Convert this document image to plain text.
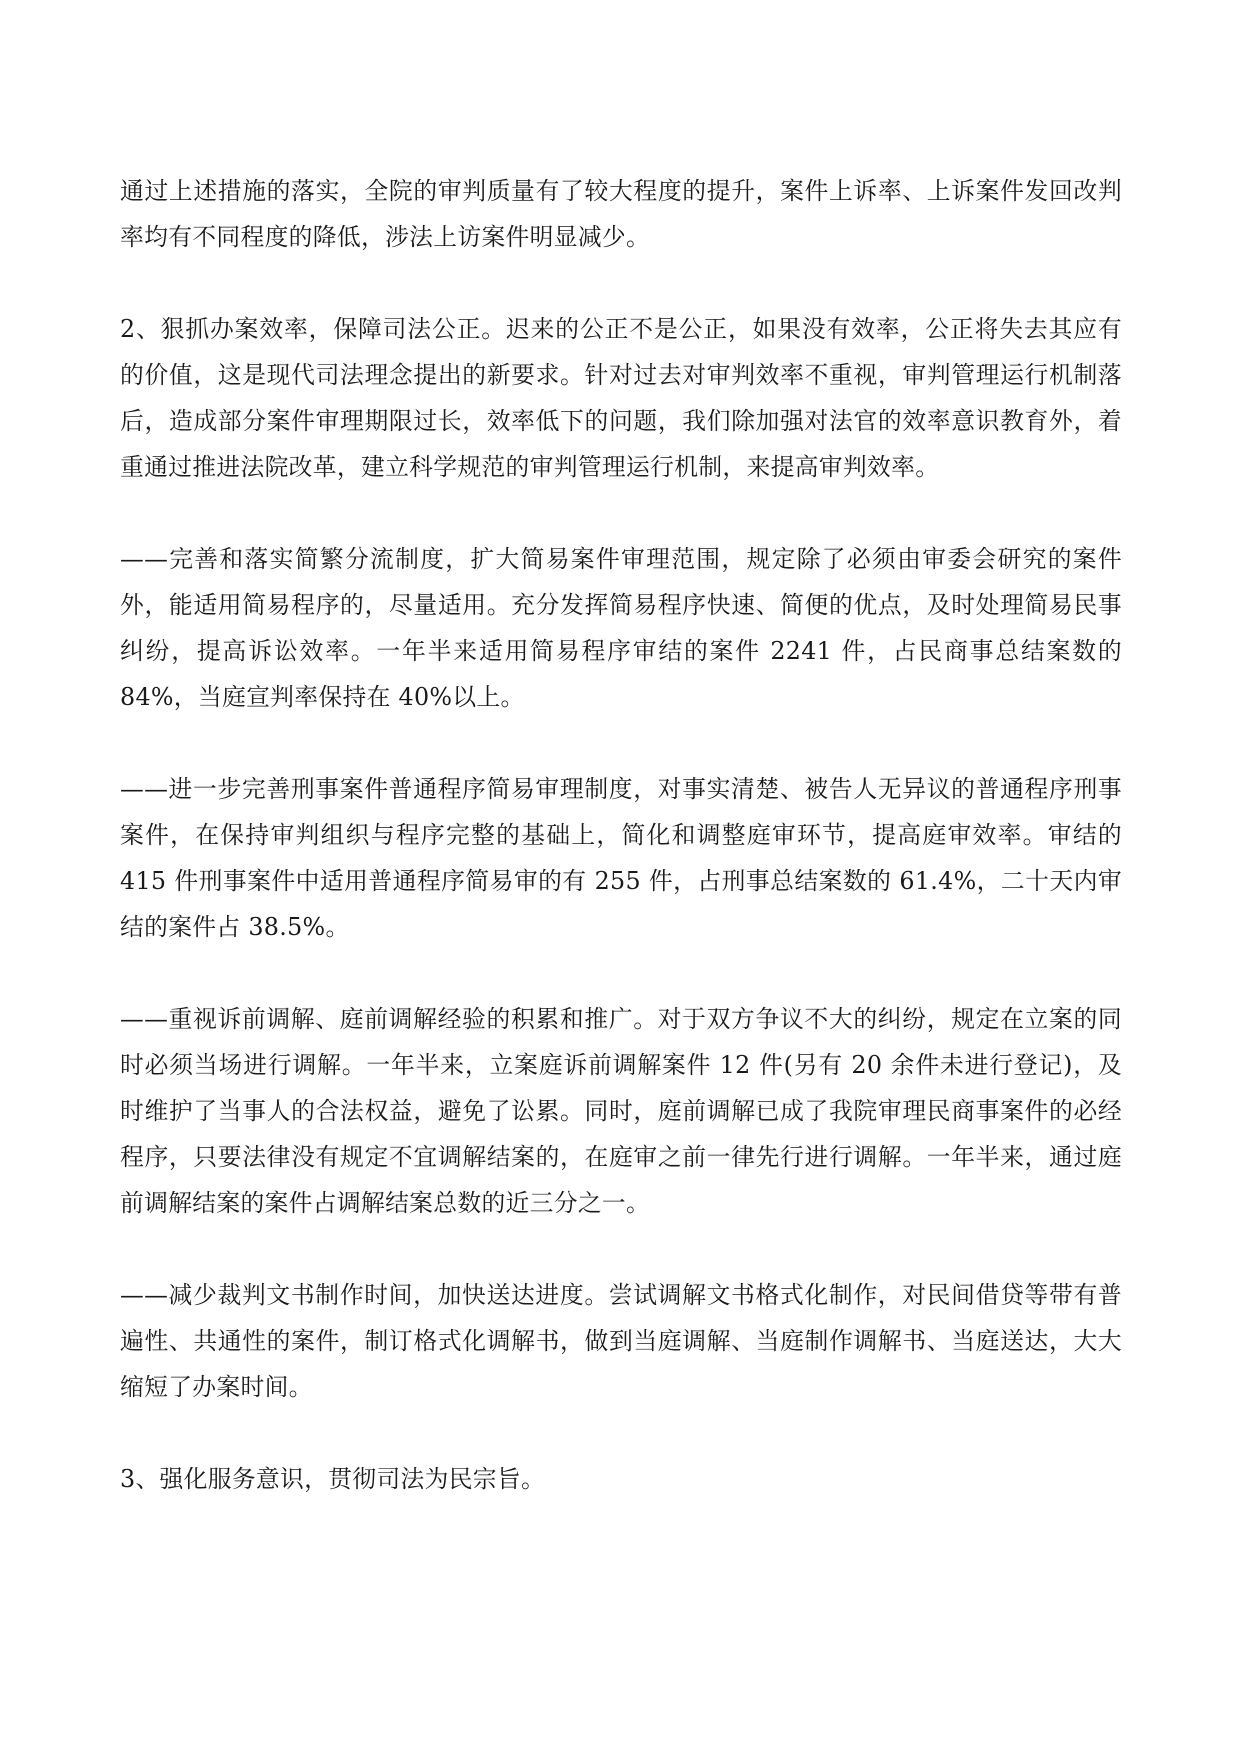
通过上述措施的落实，全院的审判质量有了较大程度的提升，案件上诉率、上诉案件发回改判率均有不同程度的降低，涉法上访案件明显减少。

2、狠抓办案效率，保障司法公正。迟来的公正不是公正，如果没有效率，公正将失去其应有的价值，这是现代司法理念提出的新要求。针对过去对审判效率不重视，审判管理运行机制落后，造成部分案件审理期限过长，效率低下的问题，我们除加强对法官的效率意识教育外，着重通过推进法院改革，建立科学规范的审判管理运行机制，来提高审判效率。

——完善和落实简繁分流制度，扩大简易案件审理范围，规定除了必须由审委会研究的案件外，能适用简易程序的，尽量适用。充分发挥简易程序快速、简便的优点，及时处理简易民事纠纷，提高诉讼效率。一年半来适用简易程序审结的案件 2241 件，占民商事总结案数的84%，当庭宣判率保持在 40%以上。

——进一步完善刑事案件普通程序简易审理制度，对事实清楚、被告人无异议的普通程序刑事案件，在保持审判组织与程序完整的基础上，简化和调整庭审环节，提高庭审效率。审结的 415 件刑事案件中适用普通程序简易审的有 255 件，占刑事总结案数的 61.4%，二十天内审结的案件占 38.5%。

——重视诉前调解、庭前调解经验的积累和推广。对于双方争议不大的纠纷，规定在立案的同时必须当场进行调解。一年半来，立案庭诉前调解案件 12 件(另有 20 余件未进行登记)，及时维护了当事人的合法权益，避免了讼累。同时，庭前调解已成了我院审理民商事案件的必经程序，只要法律没有规定不宜调解结案的，在庭审之前一律先行进行调解。一年半来，通过庭前调解结案的案件占调解结案总数的近三分之一。

——减少裁判文书制作时间，加快送达进度。尝试调解文书格式化制作，对民间借贷等带有普遍性、共通性的案件，制订格式化调解书，做到当庭调解、当庭制作调解书、当庭送达，大大缩短了办案时间。

3、强化服务意识，贯彻司法为民宗旨。
